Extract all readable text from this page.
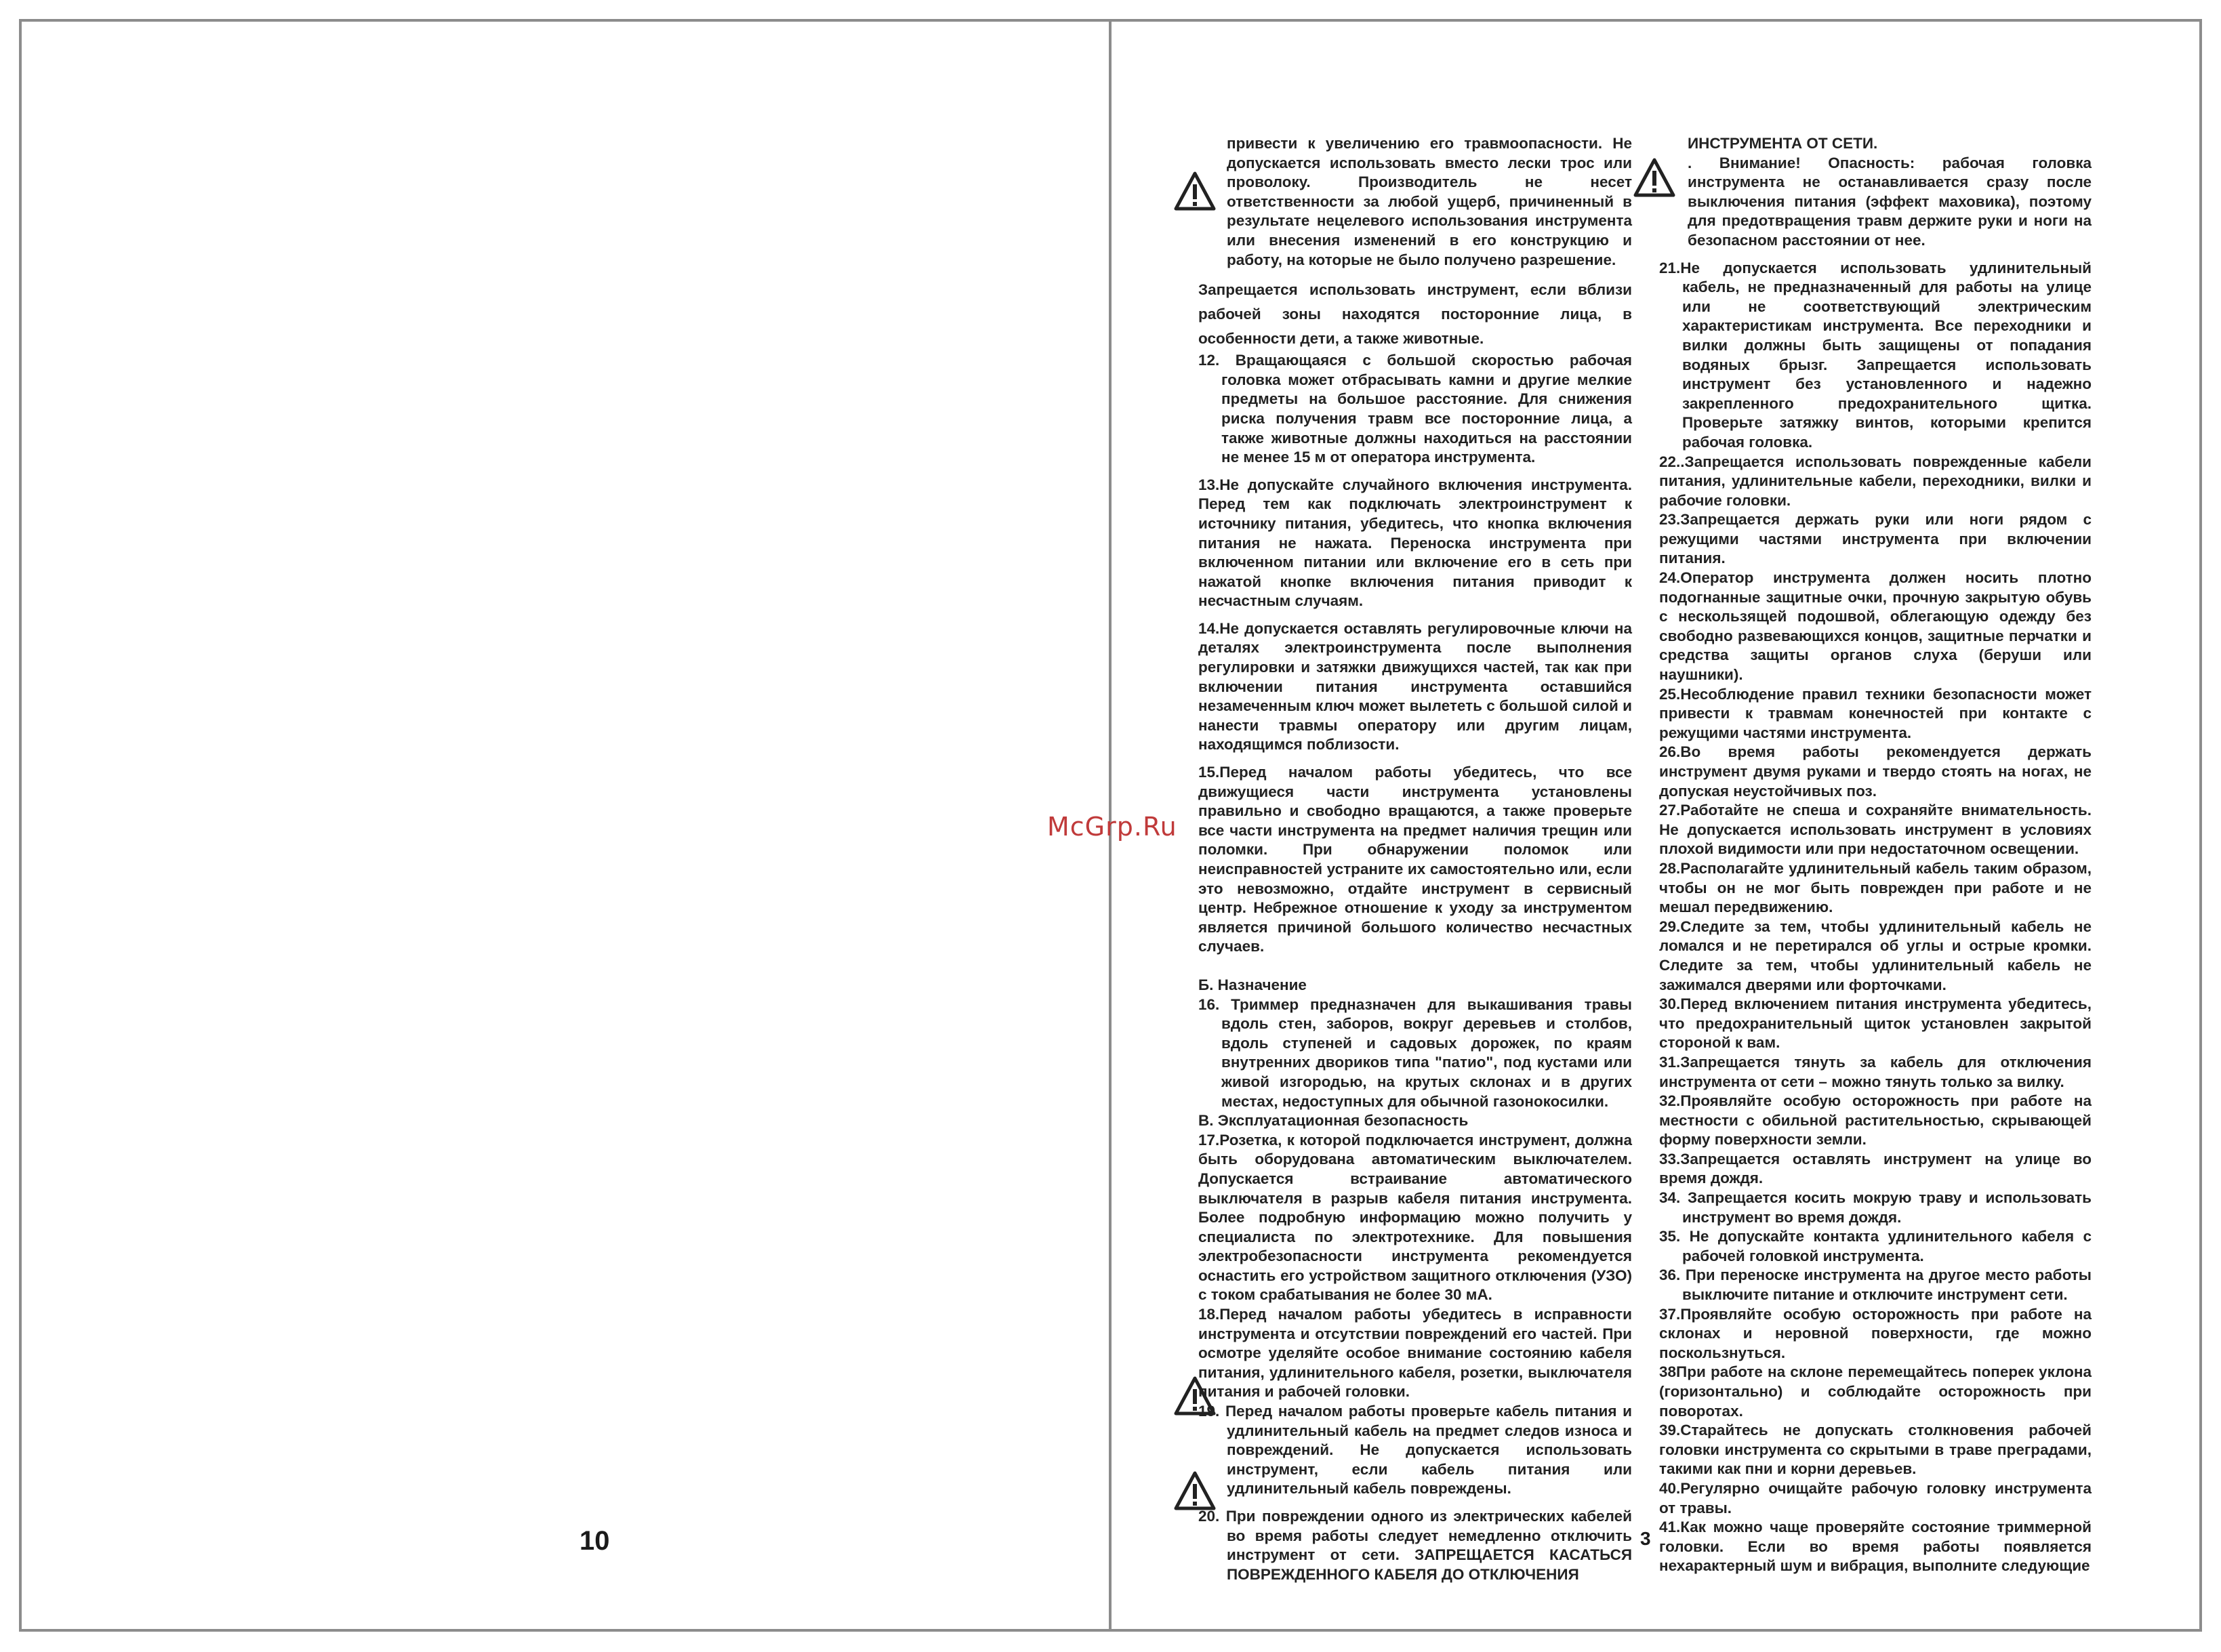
привести к увеличению его травмоопасности. Не допускается использовать вместо лески трос или проволоку. Производитель не несет ответственности за любой ущерб, причиненный в результате нецелевого использования инструмента или внесения изменений в его конструкцию и работу, на которые не было получено разрешение.

Запрещается использовать инструмент, если вблизи рабочей зоны находятся посторонние лица, в особенности дети, а также животные.

12. Вращающаяся с большой скоростью рабочая головка может отбрасывать камни и другие мелкие предметы на большое расстояние. Для снижения риска получения травм все посторонние лица, а также животные должны находиться на расстоянии не менее 15 м от оператора инструмента.

13.Не допускайте случайного включения инструмента. Перед тем как подключать электроинструмент к источнику питания, убедитесь, что кнопка включения питания не нажата. Переноска инструмента при включенном питании или включение его в сеть при нажатой кнопке включения питания приводит к несчастным случаям.

14.Не допускается оставлять регулировочные ключи на деталях электроинструмента после выполнения регулировки и затяжки движущихся частей, так как при включении питания инструмента оставшийся незамеченным ключ может вылететь с большой силой и нанести травмы оператору или другим лицам, находящимся поблизости.

15.Перед началом работы убедитесь, что все движущиеся части инструмента установлены правильно и свободно вращаются, а также проверьте все части инструмента на предмет наличия трещин или поломки. При обнаружении поломок или неисправностей устраните их самостоятельно или, если это невозможно, отдайте инструмент в сервисный центр. Небрежное отношение к уходу за инструментом является причиной большого количество несчастных случаев.

Б. Назначение

16. Триммер предназначен для выкашивания травы вдоль стен, заборов, вокруг деревьев и столбов, вдоль ступеней и садовых дорожек, по краям внутренних двориков типа "патио", под кустами или живой изгородью, на крутых склонах и в других местах, недоступных для обычной газонокосилки.

В. Эксплуатационная безопасность

17.Розетка, к которой подключается инструмент, должна быть оборудована автоматическим выключателем. Допускается встраивание автоматического выключателя в разрыв кабеля питания инструмента. Более подробную информацию можно получить у специалиста по электротехнике. Для повышения электробезопасности инструмента рекомендуется оснастить его устройством защитного отключения (УЗО) с током срабатывания не более 30 мА.

18.Перед началом работы убедитесь в исправности инструмента и отсутствии повреждений его частей. При осмотре уделяйте особое внимание состоянию кабеля питания, удлинительного кабеля, розетки, выключателя питания и рабочей головки.

19. Перед началом работы проверьте кабель питания и удлинительный кабель на предмет следов износа и повреждений. Не допускается использовать инструмент, если кабель питания или удлинительный кабель повреждены.

20. При повреждении одного из электрических кабелей во время работы следует немедленно отключить инструмент от сети. ЗАПРЕЩАЕТСЯ КАСАТЬСЯ ПОВРЕЖДЕННОГО КАБЕЛЯ ДО ОТКЛЮЧЕНИЯ

ИНСТРУМЕНТА ОТ СЕТИ.

. Внимание! Опасность: рабочая головка инструмента не останавливается сразу после выключения питания (эффект маховика), поэтому для предотвращения травм держите руки и ноги на безопасном расстоянии от нее.

21.Не допускается использовать удлинительный кабель, не предназначенный для работы на улице или не соответствующий электрическим характеристикам инструмента. Все переходники и вилки должны быть защищены от попадания водяных брызг. Запрещается использовать инструмент без установленного и надежно закрепленного предохранительного щитка. Проверьте затяжку винтов, которыми крепится рабочая головка.

22..Запрещается использовать поврежденные кабели питания, удлинительные кабели, переходники, вилки и рабочие головки.

23.Запрещается держать руки или ноги рядом с режущими частями инструмента при включении питания.

24.Оператор инструмента должен носить плотно подогнанные защитные очки, прочную закрытую обувь с нескользящей подошвой, облегающую одежду без свободно развевающихся концов, защитные перчатки и средства защиты органов слуха (беруши или наушники).

25.Несоблюдение правил техники безопасности может привести к травмам конечностей при контакте с режущими частями инструмента.

26.Во время работы рекомендуется держать инструмент двумя руками и твердо стоять на ногах, не допуская неустойчивых поз.

27.Работайте не спеша и сохраняйте внимательность. Не допускается использовать инструмент в условиях плохой видимости или при недостаточном освещении.

28.Располагайте удлинительный кабель таким образом, чтобы он не мог быть поврежден при работе и не мешал передвижению.

29.Следите за тем, чтобы удлинительный кабель не ломался и не перетирался об углы и острые кромки. Следите за тем, чтобы удлинительный кабель не зажимался дверями или форточками.

30.Перед включением питания инструмента убедитесь, что предохранительный щиток установлен закрытой стороной к вам.

31.Запрещается тянуть за кабель для отключения инструмента от сети – можно тянуть только за вилку.

32.Проявляйте особую осторожность при работе на местности с обильной растительностью, скрывающей форму поверхности земли.

33.Запрещается оставлять инструмент на улице во время дождя.

34. Запрещается косить мокрую траву и использовать инструмент во время дождя.

35. Не допускайте контакта удлинительного кабеля с рабочей головкой инструмента.

36. При переноске инструмента на другое место работы выключите питание и отключите инструмент сети.

37.Проявляйте особую осторожность при работе на склонах и неровной поверхности, где можно поскользнуться.

38При работе на склоне перемещайтесь поперек уклона (горизонтально) и соблюдайте осторожность при поворотах.

39.Старайтесь не допускать столкновения рабочей головки инструмента со скрытыми в траве преградами, такими как пни и корни деревьев.

40.Регулярно очищайте рабочую головку инструмента от травы.

41.Как можно чаще проверяйте состояние триммерной головки. Если во время работы появляется нехарактерный шум и вибрация, выполните следующие

McGrp.Ru
10	3
